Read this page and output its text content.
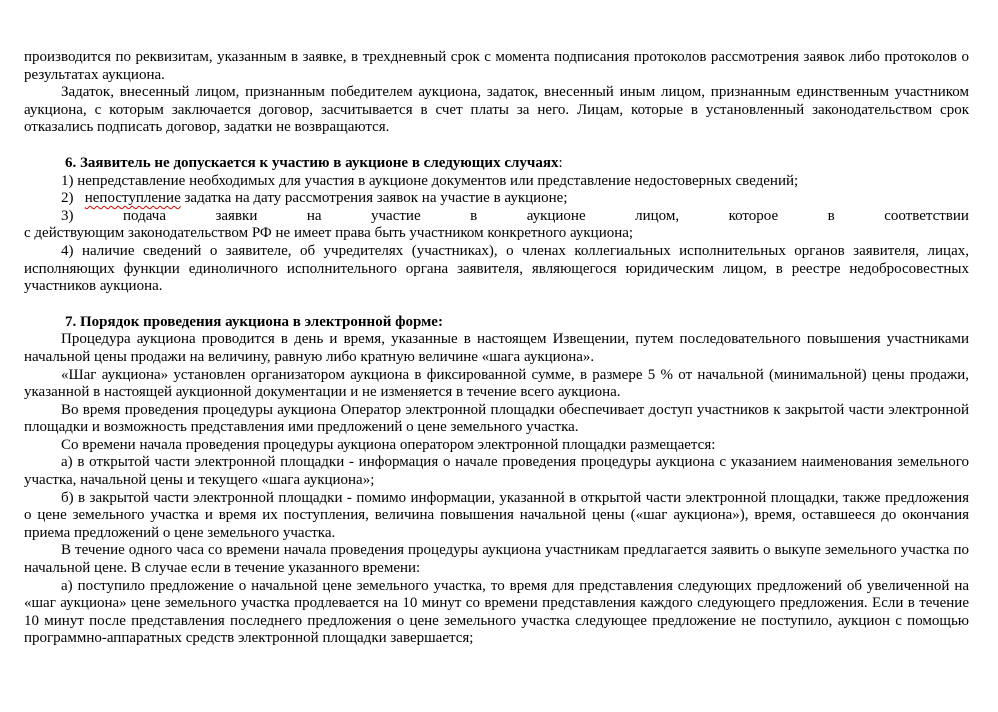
производится по реквизитам, указанным в заявке, в трехдневный срок с момента подписания протоколов рассмотрения заявок либо протоколов о результатах аукциона.

Задаток, внесенный лицом, признанным победителем аукциона, задаток, внесенный иным лицом, признанным единственным участником аукциона, с которым заключается договор, засчитывается в счет платы за него. Лицам, которые в установленный законодательством срок отказались подписать договор, задатки не возвращаются.

6. Заявитель не допускается к участию в аукционе в следующих случаях:

1) непредставление необходимых для участия в аукционе документов или представление недостоверных сведений;

2) непоступление задатка на дату рассмотрения заявок на участие в аукционе;

3)	подача	заявки	на	участие	в	аукционе	лицом,	которое	в	соответствии

с действующим законодательством РФ не имеет права быть участником конкретного аукциона;

4) наличие сведений о заявителе, об учредителях (участниках), о членах коллегиальных исполнительных органов заявителя, лицах, исполняющих функции единоличного исполнительного органа заявителя, являющегося юридическим лицом, в реестре недобросовестных участников аукциона.

7. Порядок проведения аукциона в электронной форме:

Процедура аукциона проводится в день и время, указанные в настоящем Извещении, путем последовательного повышения участниками начальной цены продажи на величину, равную либо кратную величине «шага аукциона».

«Шаг аукциона» установлен организатором аукциона в фиксированной сумме, в размере 5 % от начальной (минимальной) цены продажи, указанной в настоящей аукционной документации и не изменяется в течение всего аукциона.

Во время проведения процедуры аукциона Оператор электронной площадки обеспечивает доступ участников к закрытой части электронной площадки и возможность представления ими предложений о цене земельного участка.

Со времени начала проведения процедуры аукциона оператором электронной площадки размещается:

а) в открытой части электронной площадки - информация о начале проведения процедуры аукциона с указанием наименования земельного участка, начальной цены и текущего «шага аукциона»;

б) в закрытой части электронной площадки - помимо информации, указанной в открытой части электронной площадки, также предложения о цене земельного участка и время их поступления, величина повышения начальной цены («шаг аукциона»), время, оставшееся до окончания приема предложений о цене земельного участка.

В течение одного часа со времени начала проведения процедуры аукциона участникам предлагается заявить о выкупе земельного участка по начальной цене. В случае если в течение указанного времени:

а) поступило предложение о начальной цене земельного участка, то время для представления следующих предложений об увеличенной на «шаг аукциона» цене земельного участка продлевается на 10 минут со времени представления каждого следующего предложения. Если в течение 10 минут после представления последнего предложения о цене земельного участка следующее предложение не поступило, аукцион с помощью программно-аппаратных средств электронной площадки завершается;
